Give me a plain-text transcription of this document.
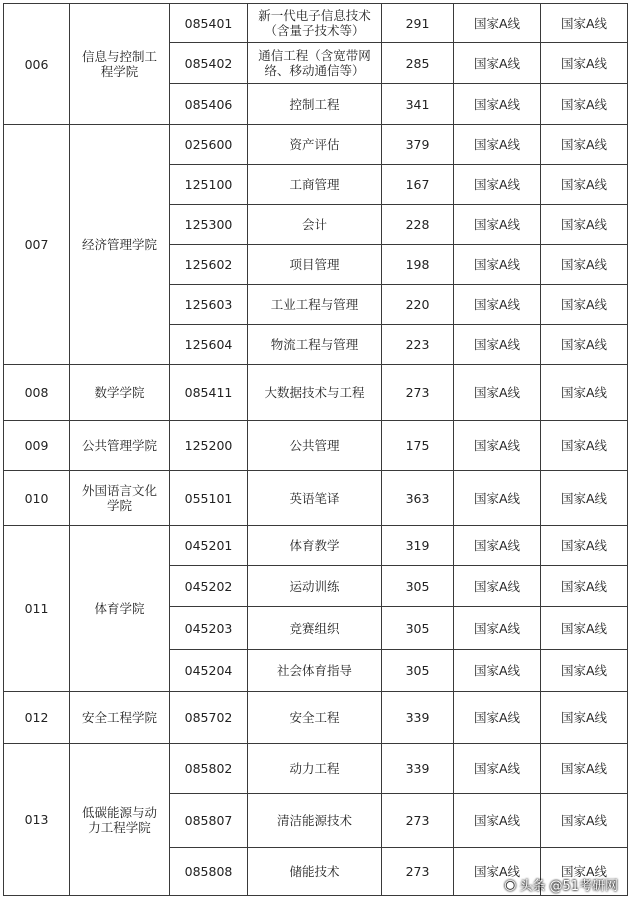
006	信息与控制工程学院	085401	新一代电子信息技术（含量子技术等）	291	国家A线	国家A线
		085402	通信工程（含宽带网络、移动通信等）	285	国家A线	国家A线
		085406	控制工程	341	国家A线	国家A线
007	经济管理学院	025600	资产评估	379	国家A线	国家A线
		125100	工商管理	167	国家A线	国家A线
		125300	会计	228	国家A线	国家A线
		125602	项目管理	198	国家A线	国家A线
		125603	工业工程与管理	220	国家A线	国家A线
		125604	物流工程与管理	223	国家A线	国家A线
008	数学学院	085411	大数据技术与工程	273	国家A线	国家A线
009	公共管理学院	125200	公共管理	175	国家A线	国家A线
010	外国语言文化学院	055101	英语笔译	363	国家A线	国家A线
011	体育学院	045201	体育教学	319	国家A线	国家A线
		045202	运动训练	305	国家A线	国家A线
		045203	竞赛组织	305	国家A线	国家A线
		045204	社会体育指导	305	国家A线	国家A线
012	安全工程学院	085702	安全工程	339	国家A线	国家A线
013	低碳能源与动力工程学院	085802	动力工程	339	国家A线	国家A线
		085807	清洁能源技术	273	国家A线	国家A线
		085808	储能技术	273	国家A线	国家A线
◉ 头条 @51考研网
